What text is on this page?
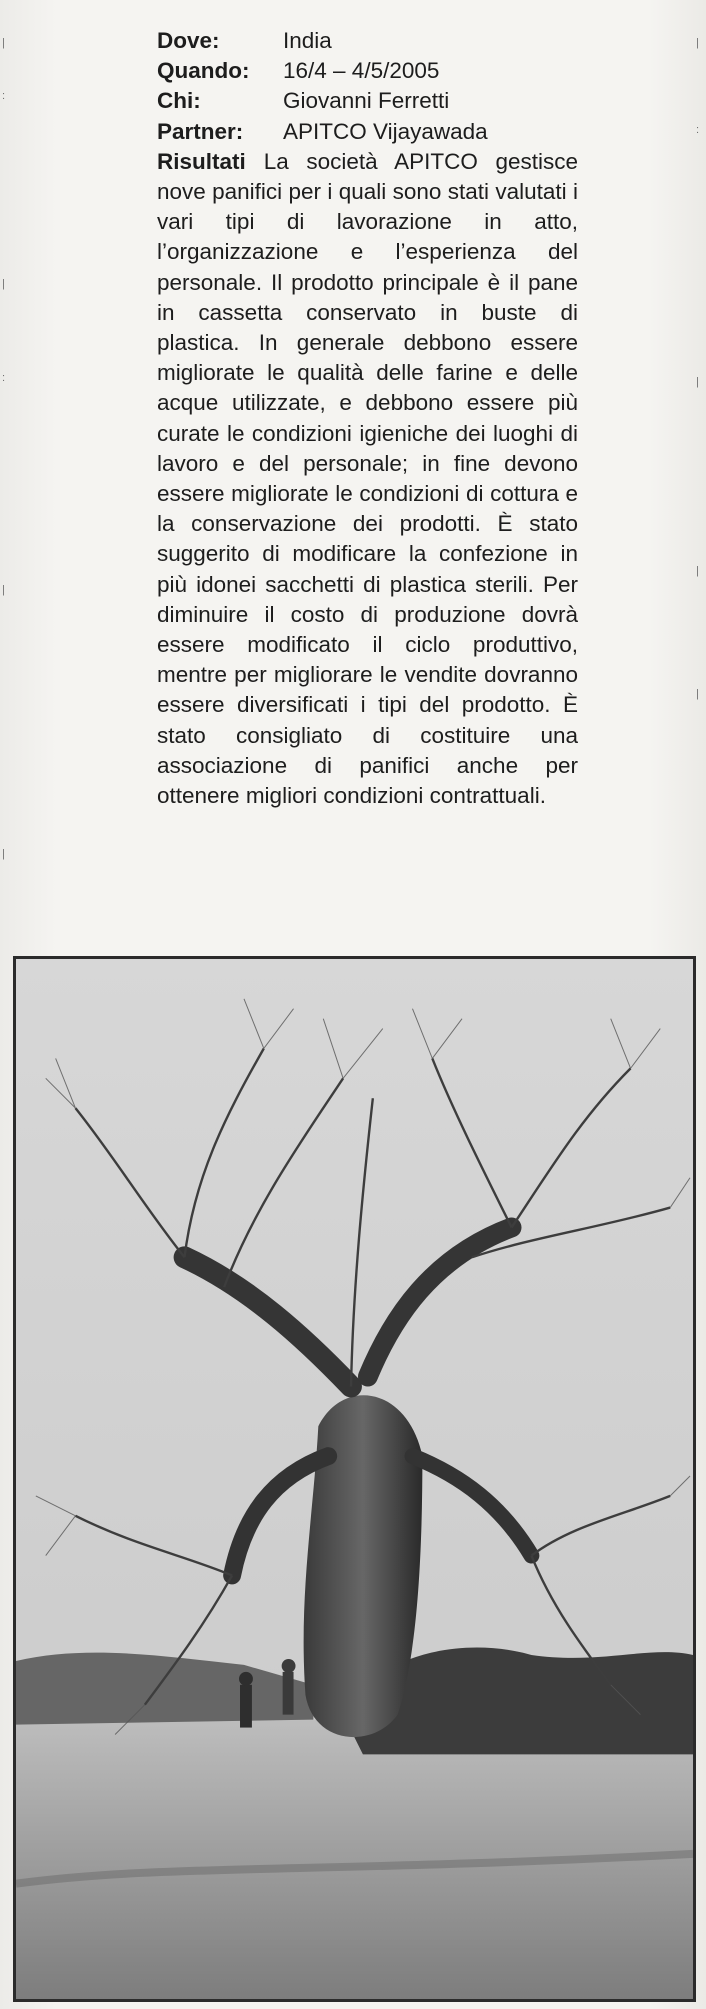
|
:
|
:
|
|
|
:
|
|
|
Dove:	India
Quando: 16/4 – 4/5/2005
Chi:	Giovanni Ferretti
Partner: APITCO Vijayawada
Risultati La società APITCO gestisce nove panifici per i quali sono stati valutati i vari tipi di lavorazione in atto, l’organizzazione e l’esperienza del personale. Il prodotto principale è il pane in cassetta conservato in buste di plastica. In generale debbono essere migliorate le qualità delle farine e delle acque utilizzate, e debbono essere più curate le condizioni igieniche dei luoghi di lavoro e del personale; in fine devono essere migliorate le condizioni di cottura e la conservazione dei prodotti. È stato suggerito di modificare la confezione in più idonei sacchetti di plastica sterili. Per diminuire il costo di produzione dovrà essere modificato il ciclo produttivo, mentre per migliorare le vendite dovranno essere diversificati i tipi del prodotto. È stato consigliato di costituire una associazione di panifici anche per ottenere migliori condizioni contrattuali.
